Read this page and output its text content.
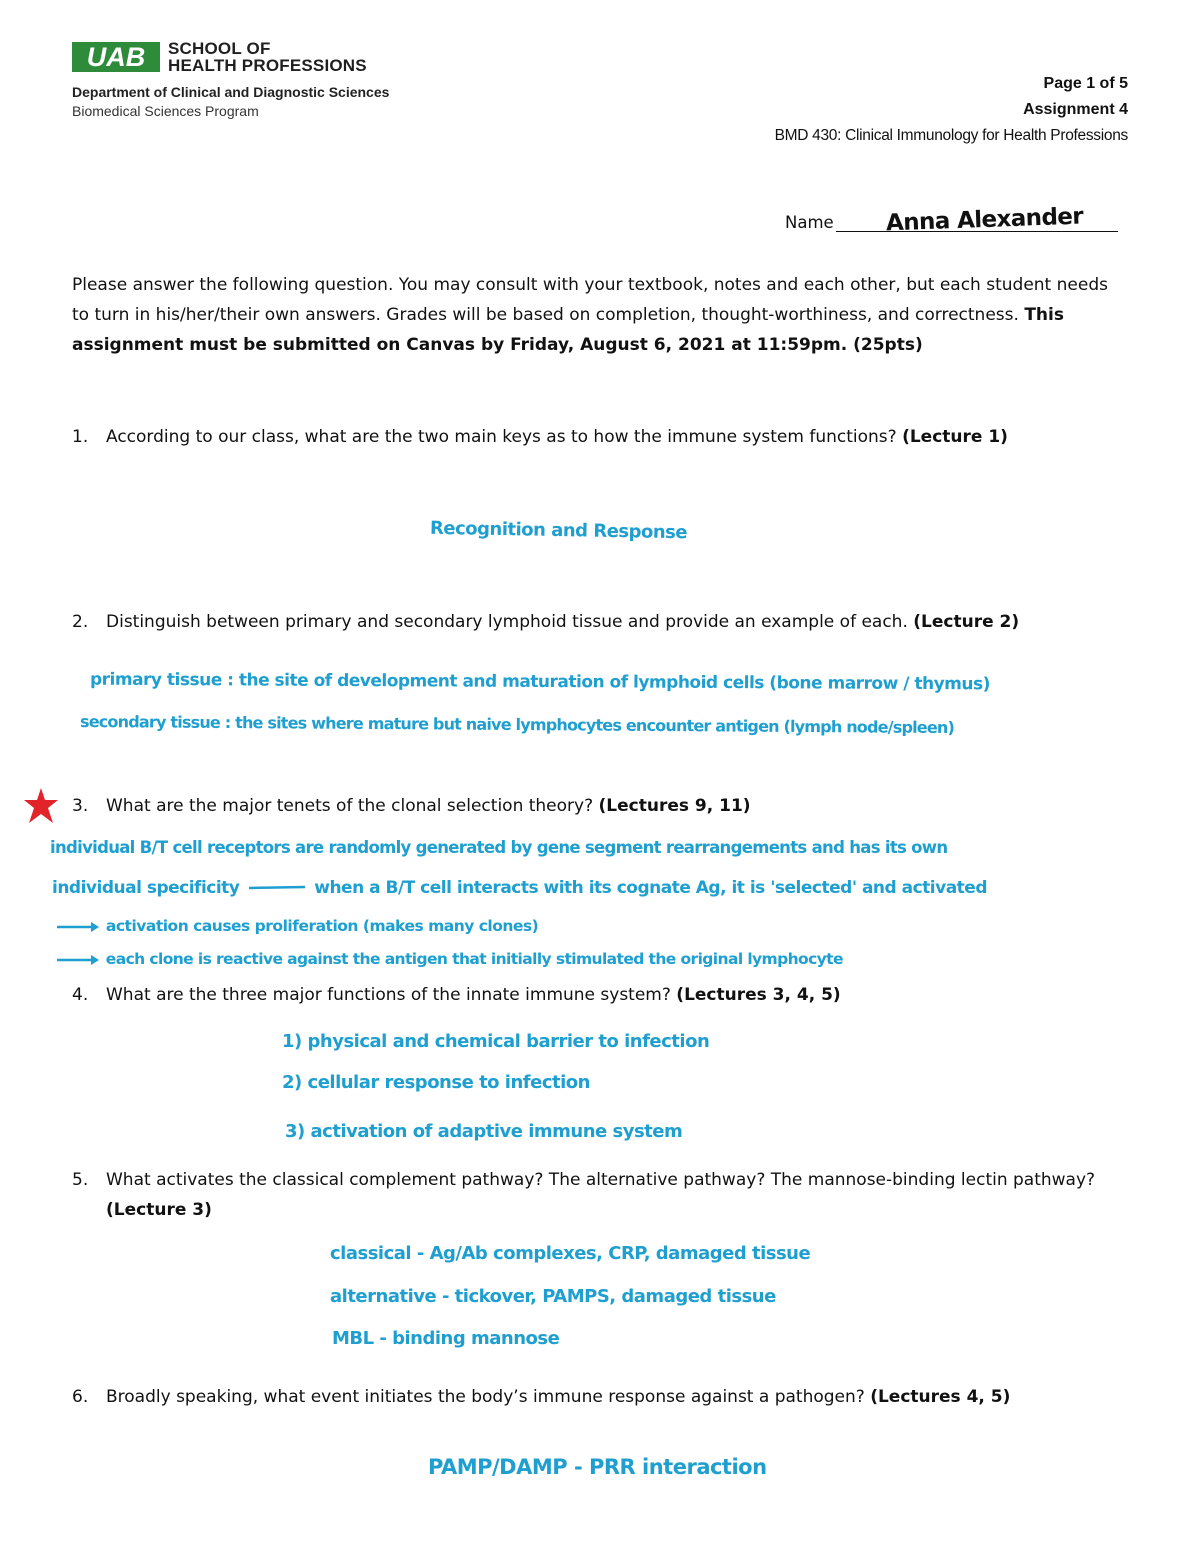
UAB SCHOOL OF
HEALTH PROFESSIONS
Department of Clinical and Diagnostic Sciences
Biomedical Sciences Program
Page 1 of 5
Assignment 4
BMD 430: Clinical Immunology for Health Professions
Name Anna Alexander
Please answer the following question. You may consult with your textbook, notes and each other, but each student needs to turn in his/her/their own answers. Grades will be based on completion, thought-worthiness, and correctness. This assignment must be submitted on Canvas by Friday, August 6, 2021 at 11:59pm. (25pts)
1.	According to our class, what are the two main keys as to how the immune system functions? (Lecture 1)
Recognition and Response
2.	Distinguish between primary and secondary lymphoid tissue and provide an example of each. (Lecture 2)
primary tissue : the site of development and maturation of lymphoid cells (bone marrow / thymus)
secondary tissue : the sites where mature but naive lymphocytes encounter antigen (lymph node/spleen)
3.	What are the major tenets of the clonal selection theory? (Lectures 9, 11)
individual B/T cell receptors are randomly generated by gene segment rearrangements and has its own
individual specificity	when a B/T cell interacts with its cognate Ag, it is 'selected' and activated
activation causes proliferation (makes many clones)
each clone is reactive against the antigen that initially stimulated the original lymphocyte
4.	What are the three major functions of the innate immune system? (Lectures 3, 4, 5)
1) physical and chemical barrier to infection
2) cellular response to infection
3) activation of adaptive immune system
5.	What activates the classical complement pathway? The alternative pathway? The mannose-binding lectin pathway? (Lecture 3)
classical - Ag/Ab complexes, CRP, damaged tissue
alternative - tickover, PAMPS, damaged tissue
MBL - binding mannose
6.	Broadly speaking, what event initiates the body’s immune response against a pathogen? (Lectures 4, 5)
PAMP/DAMP - PRR interaction
